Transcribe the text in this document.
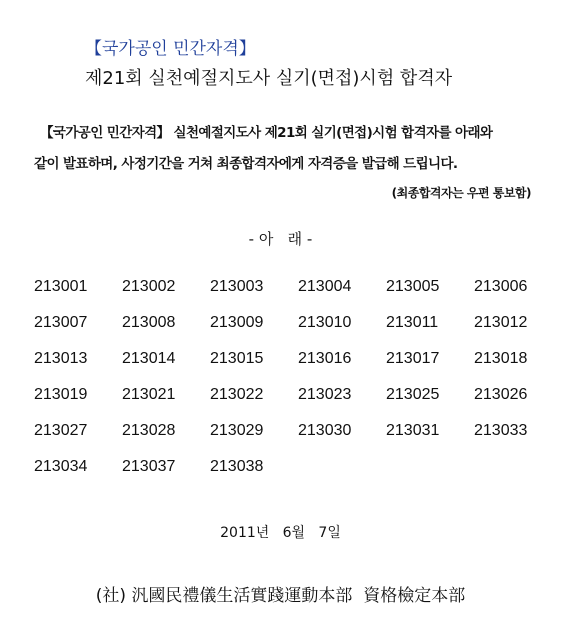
【국가공인 민간자격】
제21회 실천예절지도사 실기(면접)시험 합격자
【국가공인 민간자격】 실천예절지도사 제21회 실기(면접)시험 합격자를 아래와
같이 발표하며, 사정기간을 거쳐 최종합격자에게 자격증을 발급해 드립니다.
(최종합격자는 우편 통보함)
- 아   래 -
213001	213002	213003	213004	213005	213006
213007	213008	213009	213010	213011	213012
213013	213014	213015	213016	213017	213018
213019	213021	213022	213023	213025	213026
213027	213028	213029	213030	213031	213033
213034	213037	213038
2011년   6월   7일
(社) 汎國民禮儀生活實踐運動本部  資格檢定本部
